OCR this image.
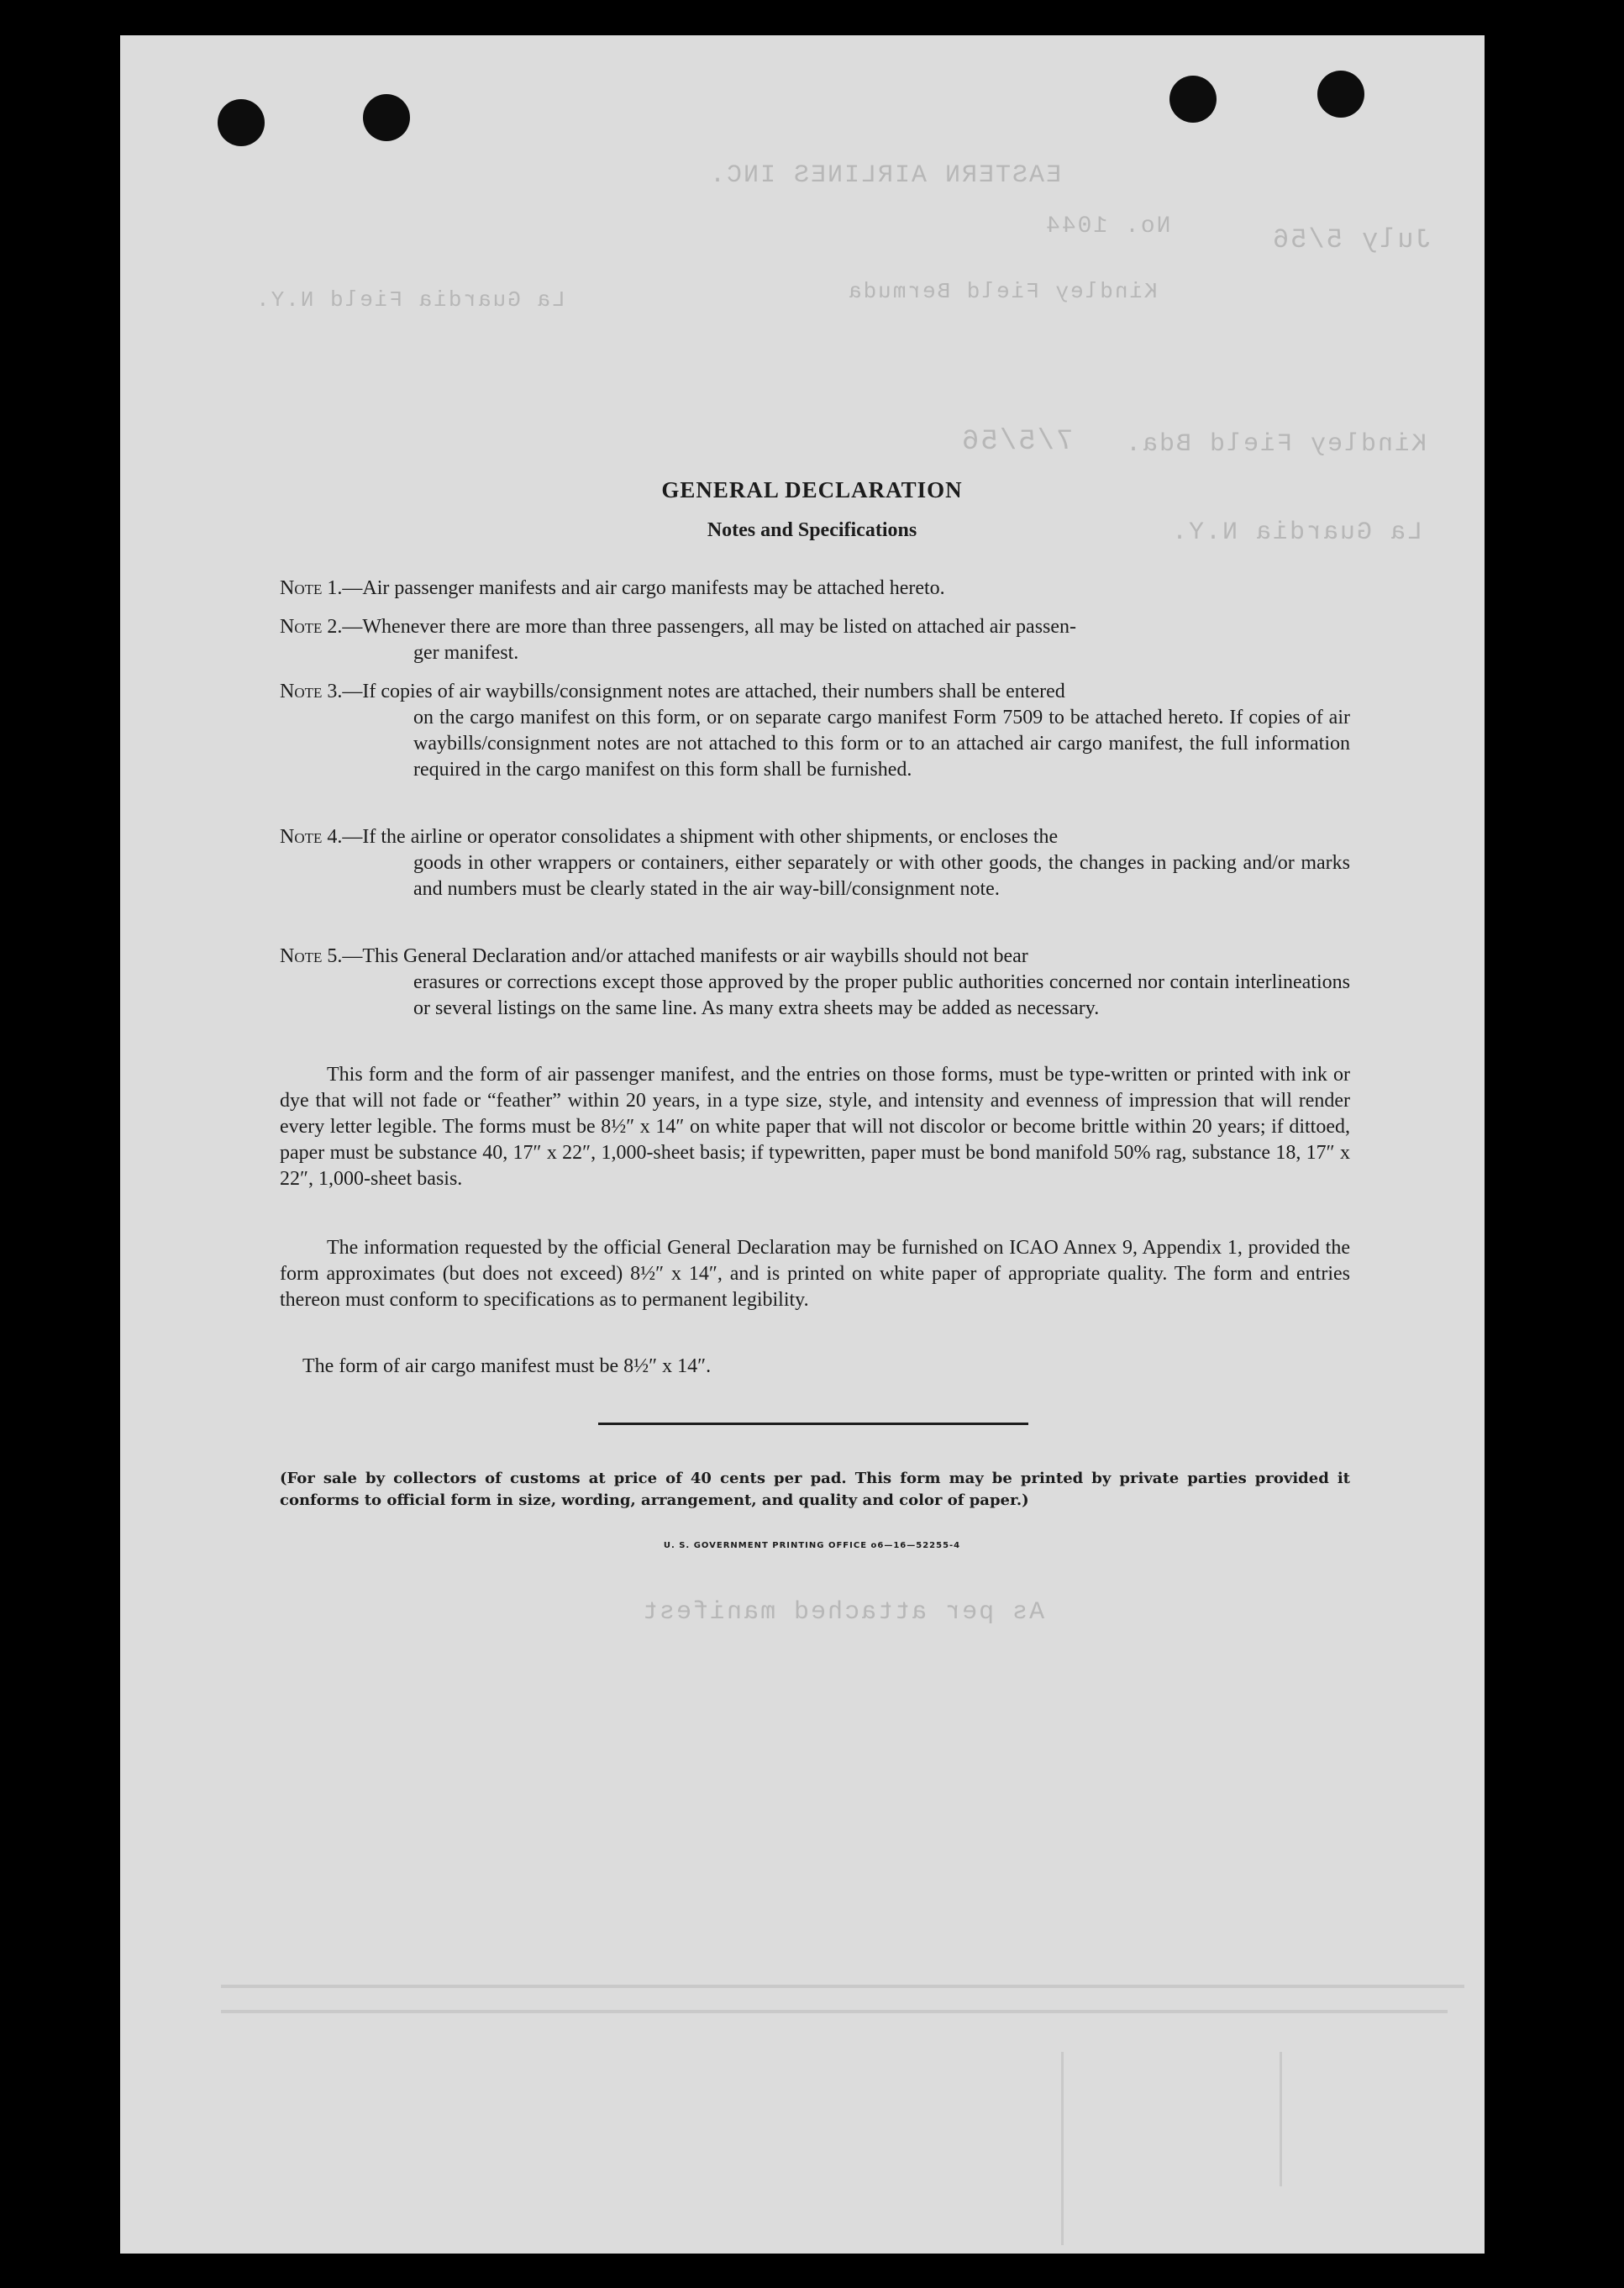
EASTERN AIRLINES INC.
No. 1044	July 5/56
Kindley Field Bermuda
La Guardia Field N.Y.
Kindley Field Bda.
7/5/56
La Guardia N.Y.
As per attached manifest
GENERAL DECLARATION
Notes and Specifications
Note 1.—Air passenger manifests and air cargo manifests may be attached hereto.
Note 2.—Whenever there are more than three passengers, all may be listed on attached air passen-
ger manifest.
Note 3.—If copies of air waybills/consignment notes are attached, their numbers shall be entered
on the cargo manifest on this form, or on separate cargo manifest Form 7509 to be attached hereto. If copies of air waybills/consignment notes are not attached to this form or to an attached air cargo manifest, the full information required in the cargo manifest on this form shall be furnished.
Note 4.—If the airline or operator consolidates a shipment with other shipments, or encloses the
goods in other wrappers or containers, either separately or with other goods, the changes in packing and/or marks and numbers must be clearly stated in the air way-bill/consignment note.
Note 5.—This General Declaration and/or attached manifests or air waybills should not bear
erasures or corrections except those approved by the proper public authorities concerned nor contain interlineations or several listings on the same line. As many extra sheets may be added as necessary.
This form and the form of air passenger manifest, and the entries on those forms, must be type-written or printed with ink or dye that will not fade or “feather” within 20 years, in a type size, style, and intensity and evenness of impression that will render every letter legible. The forms must be 8½″ x 14″ on white paper that will not discolor or become brittle within 20 years; if dittoed, paper must be substance 40, 17″ x 22″, 1,000-sheet basis; if typewritten, paper must be bond manifold 50% rag, substance 18, 17″ x 22″, 1,000-sheet basis.
The information requested by the official General Declaration may be furnished on ICAO Annex 9, Appendix 1, provided the form approximates (but does not exceed) 8½″ x 14″, and is printed on white paper of appropriate quality. The form and entries thereon must conform to specifications as to permanent legibility.
The form of air cargo manifest must be 8½″ x 14″.
(For sale by collectors of customs at price of 40 cents per pad. This form may be printed by private parties provided it conforms to official form in size, wording, arrangement, and quality and color of paper.)
U. S. GOVERNMENT PRINTING OFFICE o6—16—52255-4
